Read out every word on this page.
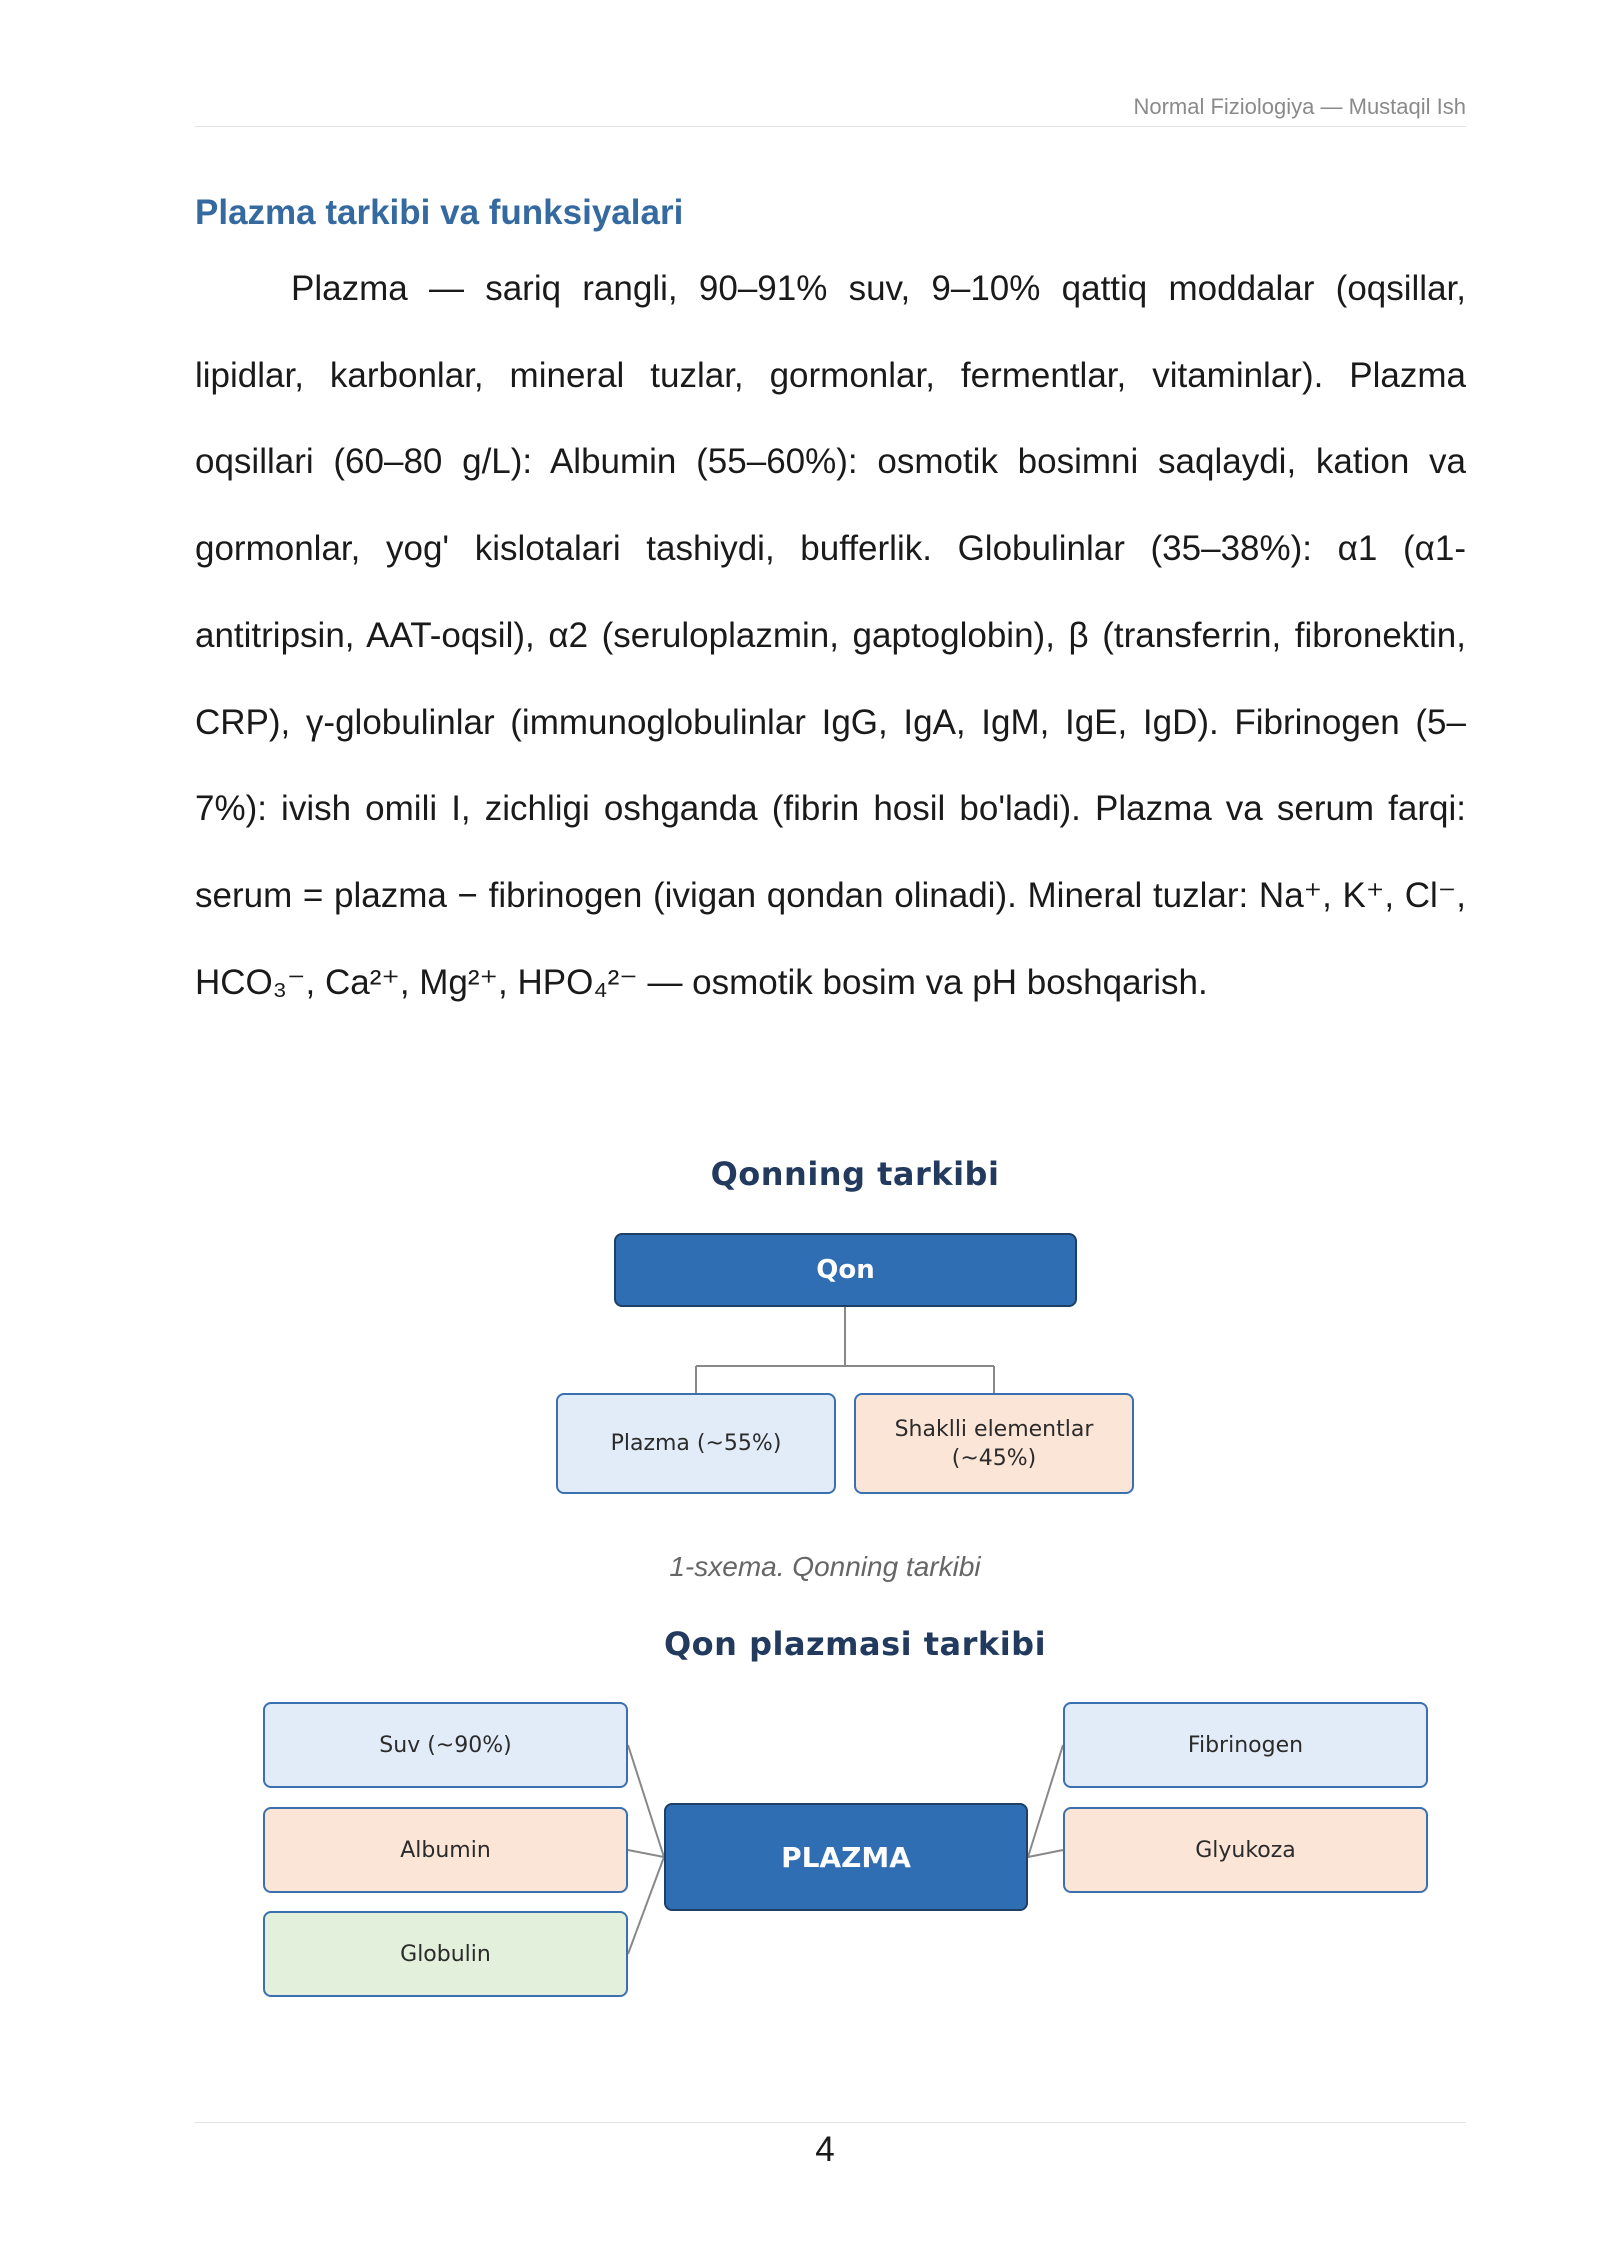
Normal Fiziologiya — Mustaqil Ish
Plazma tarkibi va funksiyalari

Plazma — sariq rangli, 90–91% suv, 9–10% qattiq moddalar (oqsillar, lipidlar, karbonlar, mineral tuzlar, gormonlar, fermentlar, vitaminlar). Plazma oqsillari (60–80 g/L): Albumin (55–60%): osmotik bosimni saqlaydi, kation va gormonlar, yog' kislotalari tashiydi, bufferlik. Globulinlar (35–38%): α1 (α1-antitripsin, AAT-oqsil), α2 (seruloplazmin, gaptoglobin), β (transferrin, fibronektin, CRP), γ-globulinlar (immunoglobulinlar IgG, IgA, IgM, IgE, IgD). Fibrinogen (5–7%): ivish omili I, zichligi oshganda (fibrin hosil bo'ladi). Plazma va serum farqi: serum = plazma − fibrinogen (ivigan qondan olinadi). Mineral tuzlar: Na⁺, K⁺, Cl⁻, HCO₃⁻, Ca²⁺, Mg²⁺, HPO₄²⁻ — osmotik bosim va pH boshqarish.

Qonning tarkibi
Qon
Plazma (~55%)
Shaklli elementlar (~45%)
1-sxema. Qonning tarkibi
Qon plazmasi tarkibi
PLAZMA
Suv (~90%)
Albumin
Globulin
Fibrinogen
Glyukoza
4
